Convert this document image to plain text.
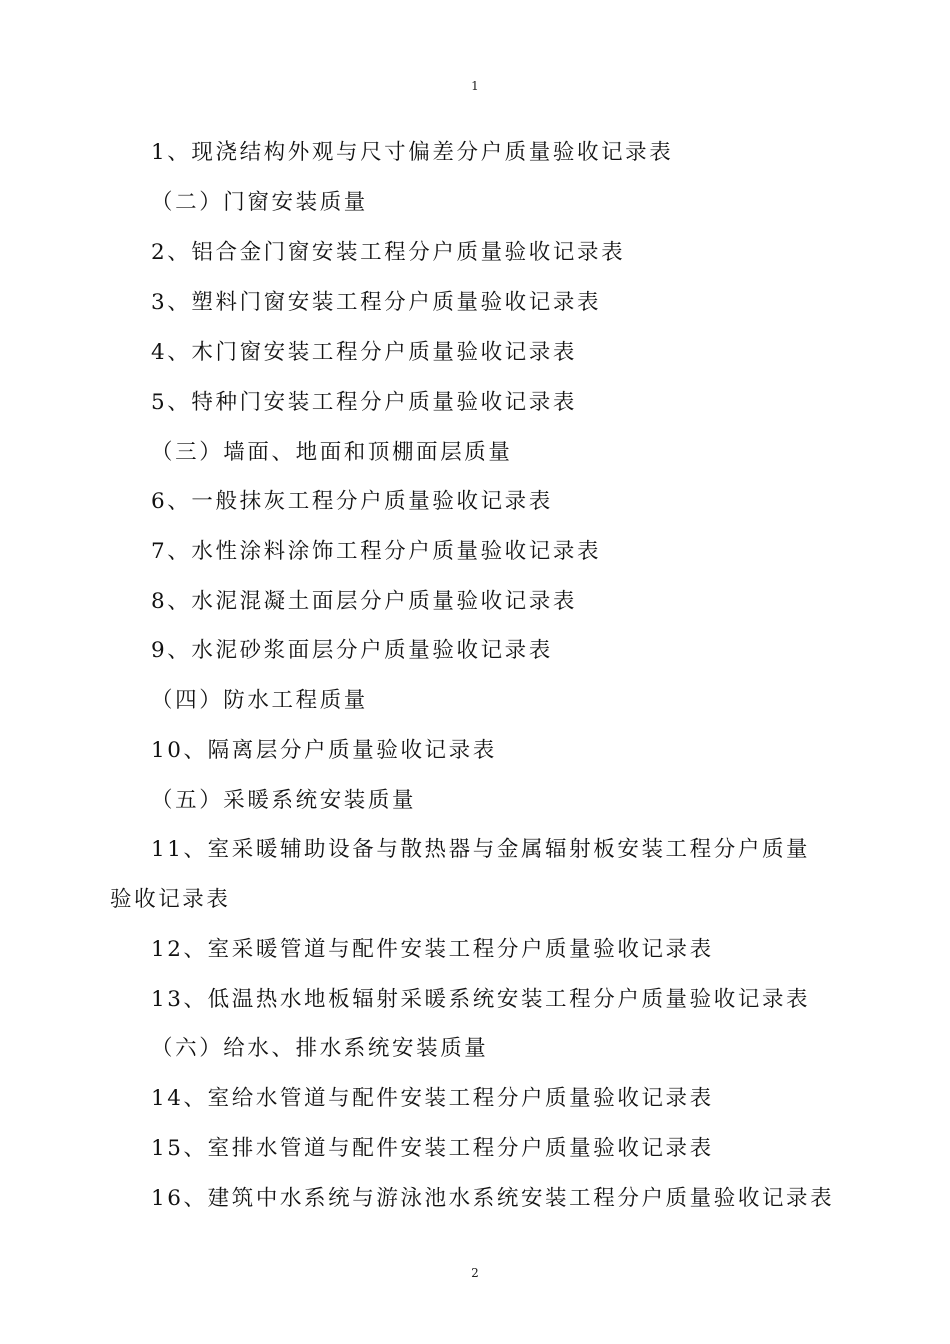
1
1、现浇结构外观与尺寸偏差分户质量验收记录表
（二）门窗安装质量
2、铝合金门窗安装工程分户质量验收记录表
3、塑料门窗安装工程分户质量验收记录表
4、木门窗安装工程分户质量验收记录表
5、特种门安装工程分户质量验收记录表
（三）墙面、地面和顶棚面层质量
6、一般抹灰工程分户质量验收记录表
7、水性涂料涂饰工程分户质量验收记录表
8、水泥混凝土面层分户质量验收记录表
9、水泥砂浆面层分户质量验收记录表
（四）防水工程质量
10、隔离层分户质量验收记录表
（五）采暖系统安装质量
11、室采暖辅助设备与散热器与金属辐射板安装工程分户质量
验收记录表
12、室采暖管道与配件安装工程分户质量验收记录表
13、低温热水地板辐射采暖系统安装工程分户质量验收记录表
（六）给水、排水系统安装质量
14、室给水管道与配件安装工程分户质量验收记录表
15、室排水管道与配件安装工程分户质量验收记录表
16、建筑中水系统与游泳池水系统安装工程分户质量验收记录表
2
